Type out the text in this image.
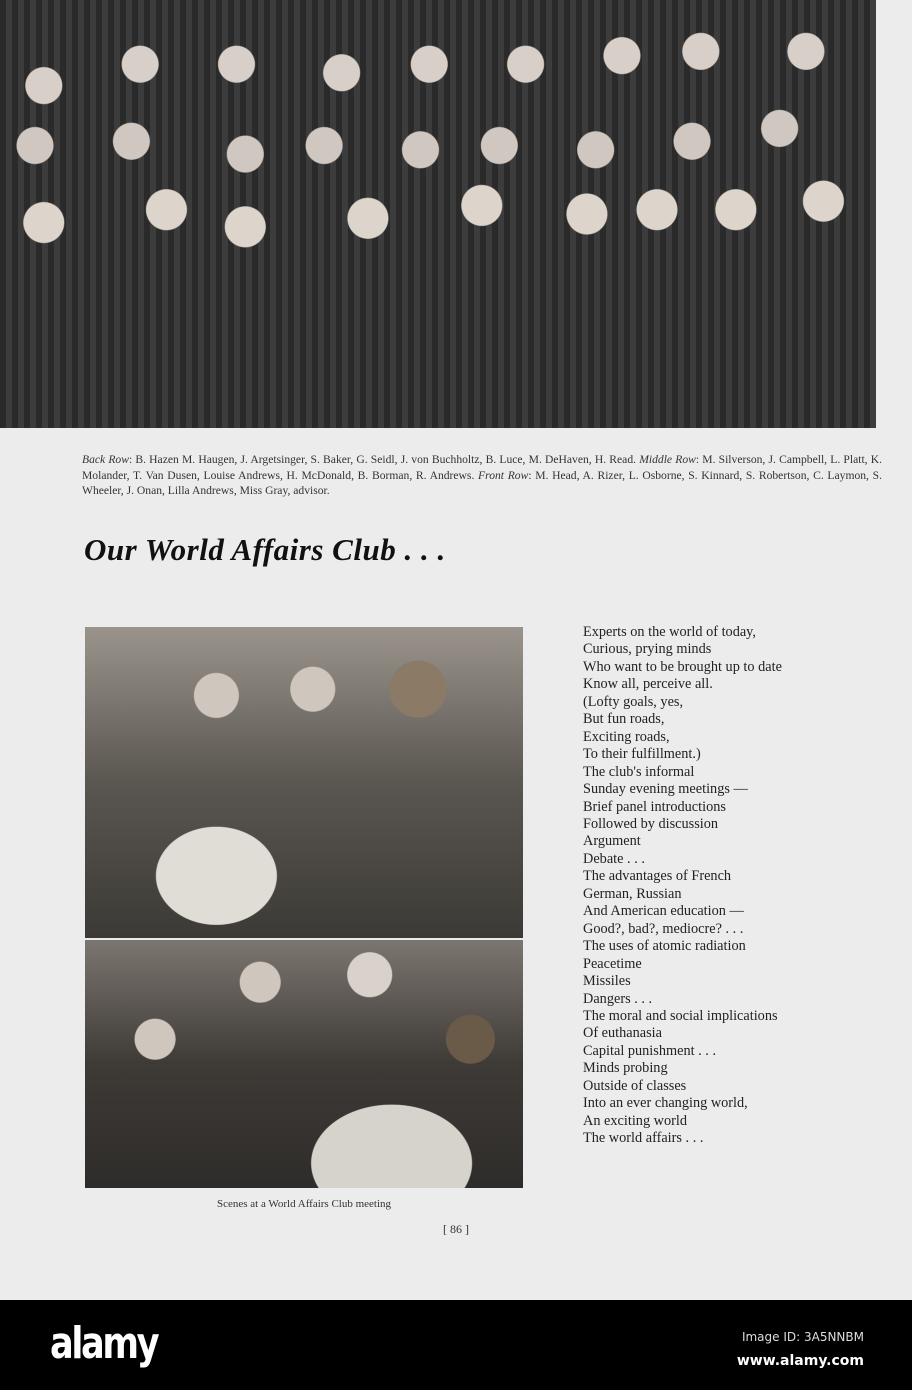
Back Row: B. Hazen M. Haugen, J. Argetsinger, S. Baker, G. Seidl, J. von Buchholtz, B. Luce, M. DeHaven, H. Read. Middle Row: M. Silverson, J. Campbell, L. Platt, K. Molander, T. Van Dusen, Louise Andrews, H. McDonald, B. Borman, R. Andrews. Front Row: M. Head, A. Rizer, L. Osborne, S. Kinnard, S. Robertson, C. Laymon, S. Wheeler, J. Onan, Lilla Andrews, Miss Gray, advisor.
Our World Affairs Club . . .
Experts on the world of today,
Curious, prying minds
Who want to be brought up to date
Know all, perceive all.
(Lofty goals, yes,
But fun roads,
Exciting roads,
To their fulfillment.)
The club's informal
Sunday evening meetings —
Brief panel introductions
Followed by discussion
Argument
Debate . . .
The advantages of French
German, Russian
And American education —
Good?, bad?, mediocre? . . .
The uses of atomic radiation
Peacetime
Missiles
Dangers . . .
The moral and social implications
Of euthanasia
Capital punishment . . .
Minds probing
Outside of classes
Into an ever changing world,
An exciting world
The world affairs . . .
Scenes at a World Affairs Club meeting
[ 86 ]
alamy	Image ID: 3A5NNBM
www.alamy.com
